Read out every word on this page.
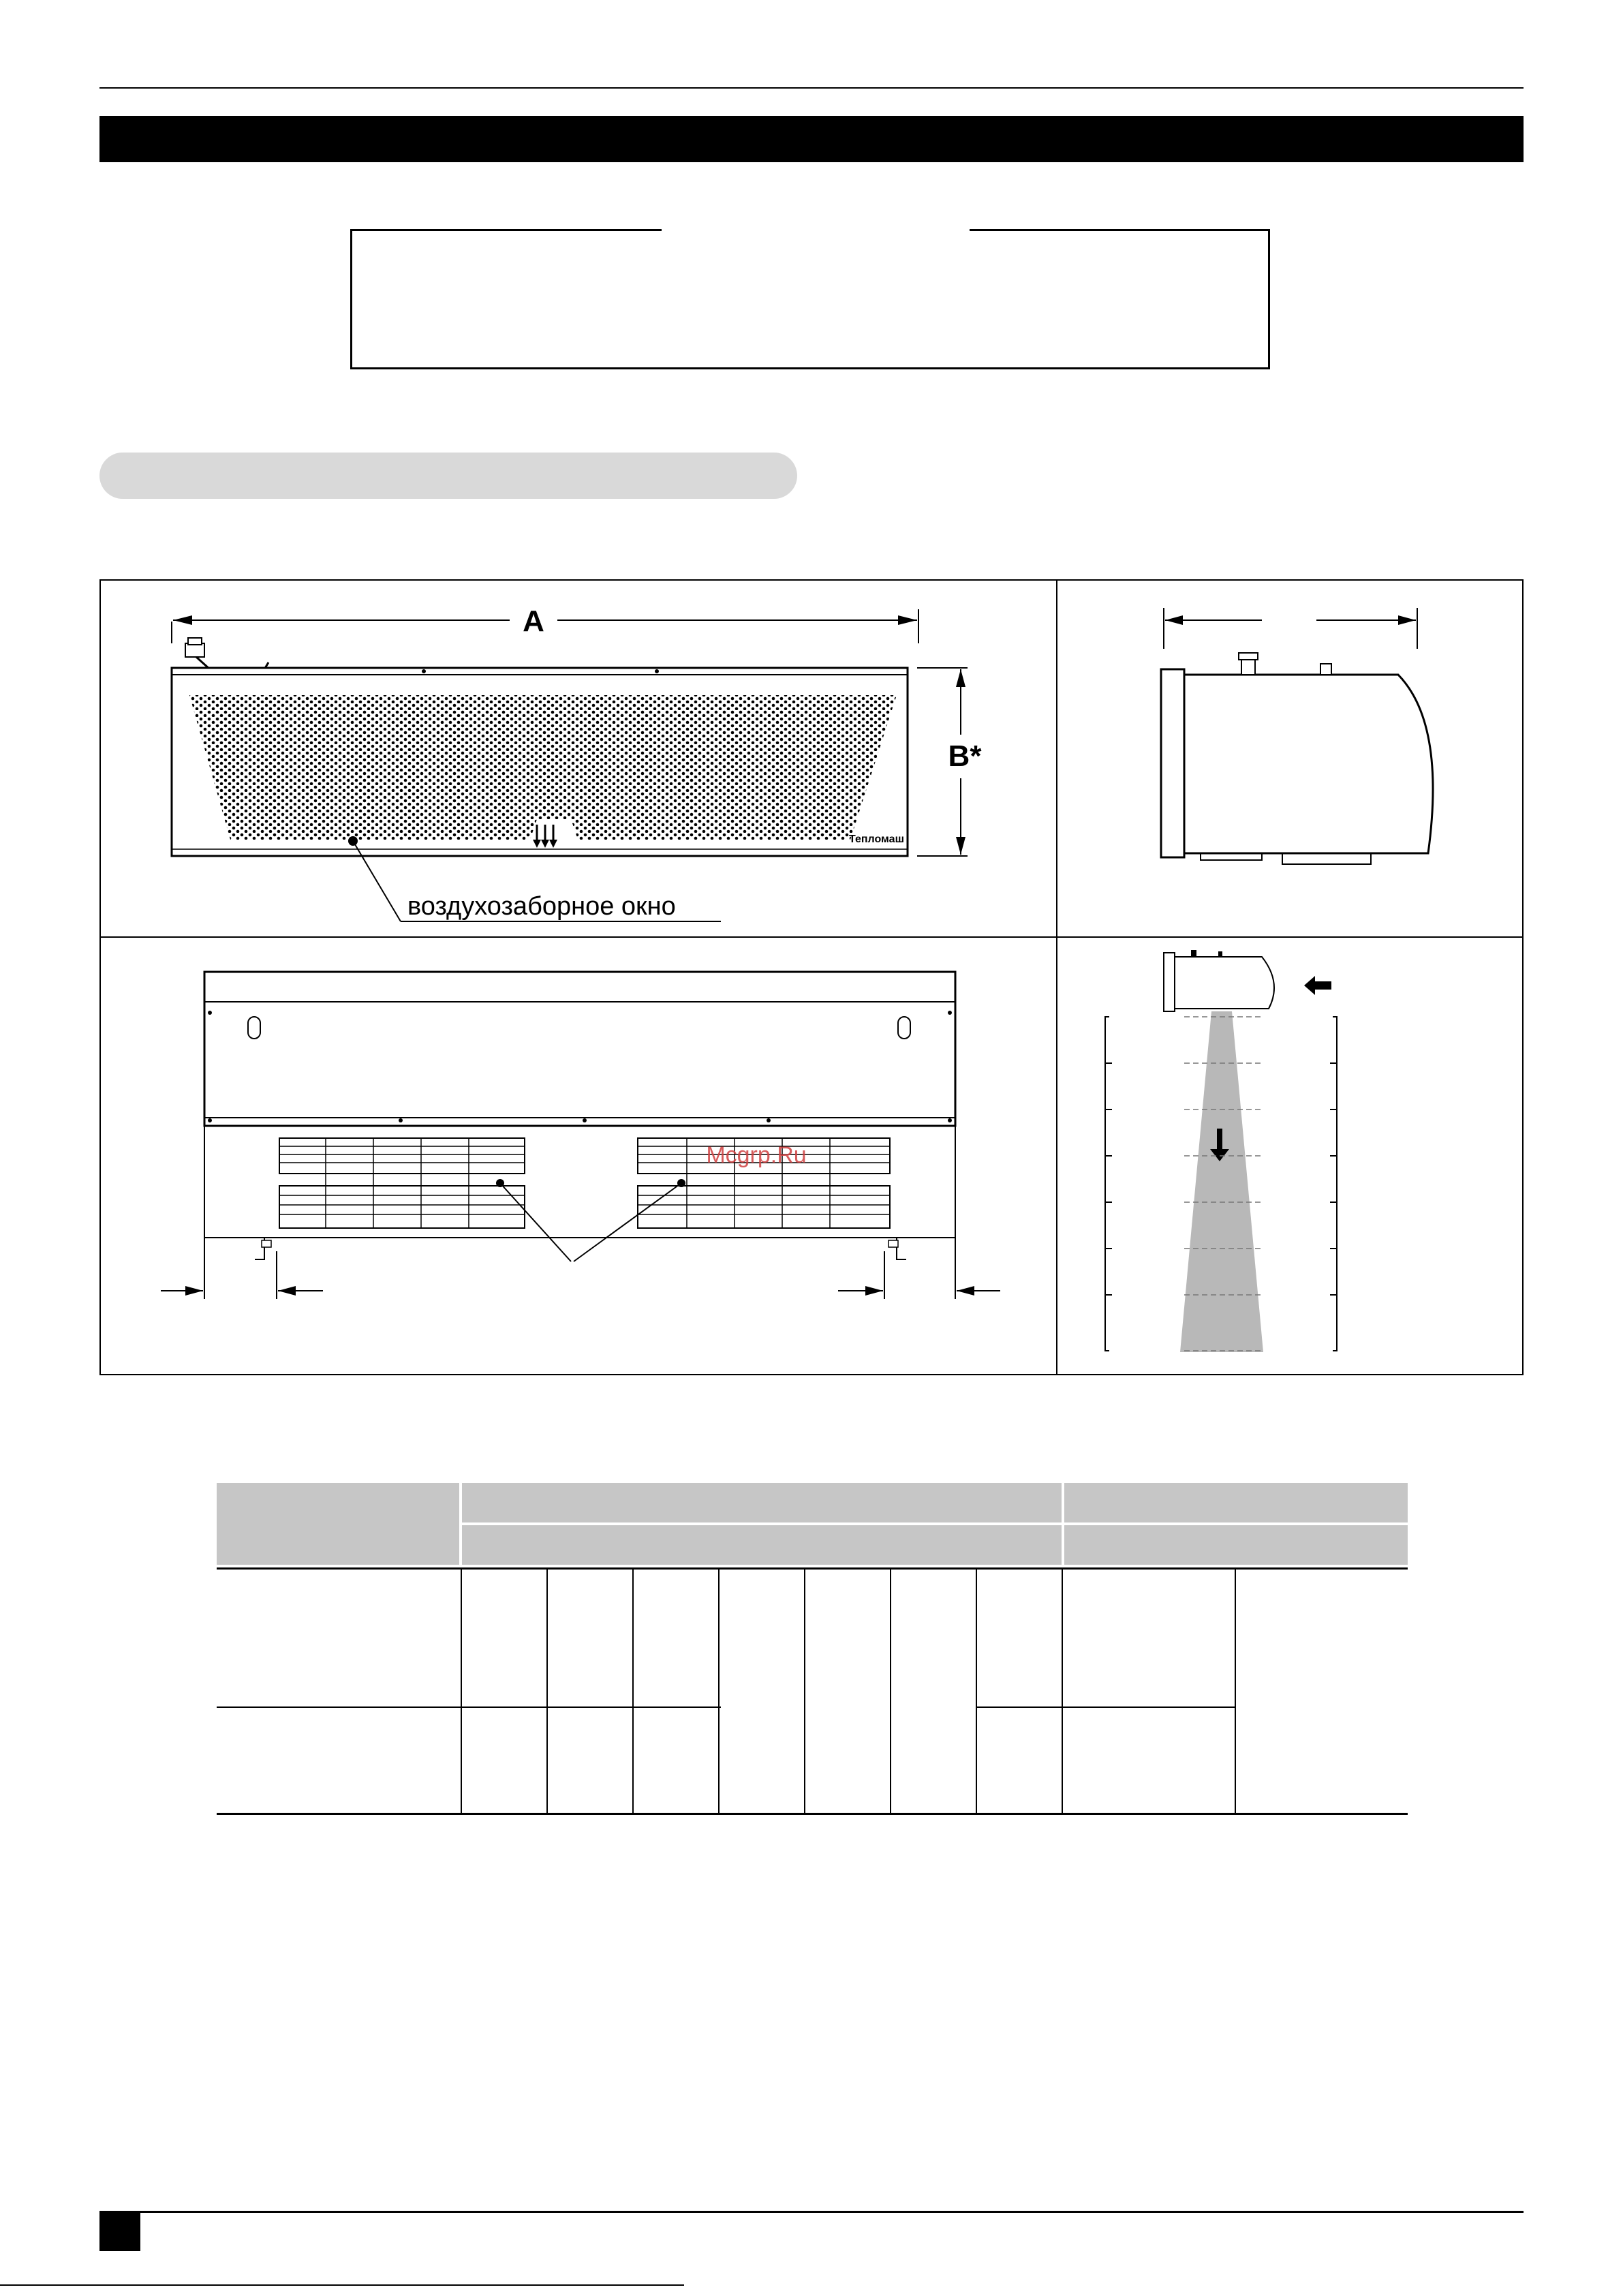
A
Тепломаш
воздухозаборное окно
B*
Mcgrp.Ru
